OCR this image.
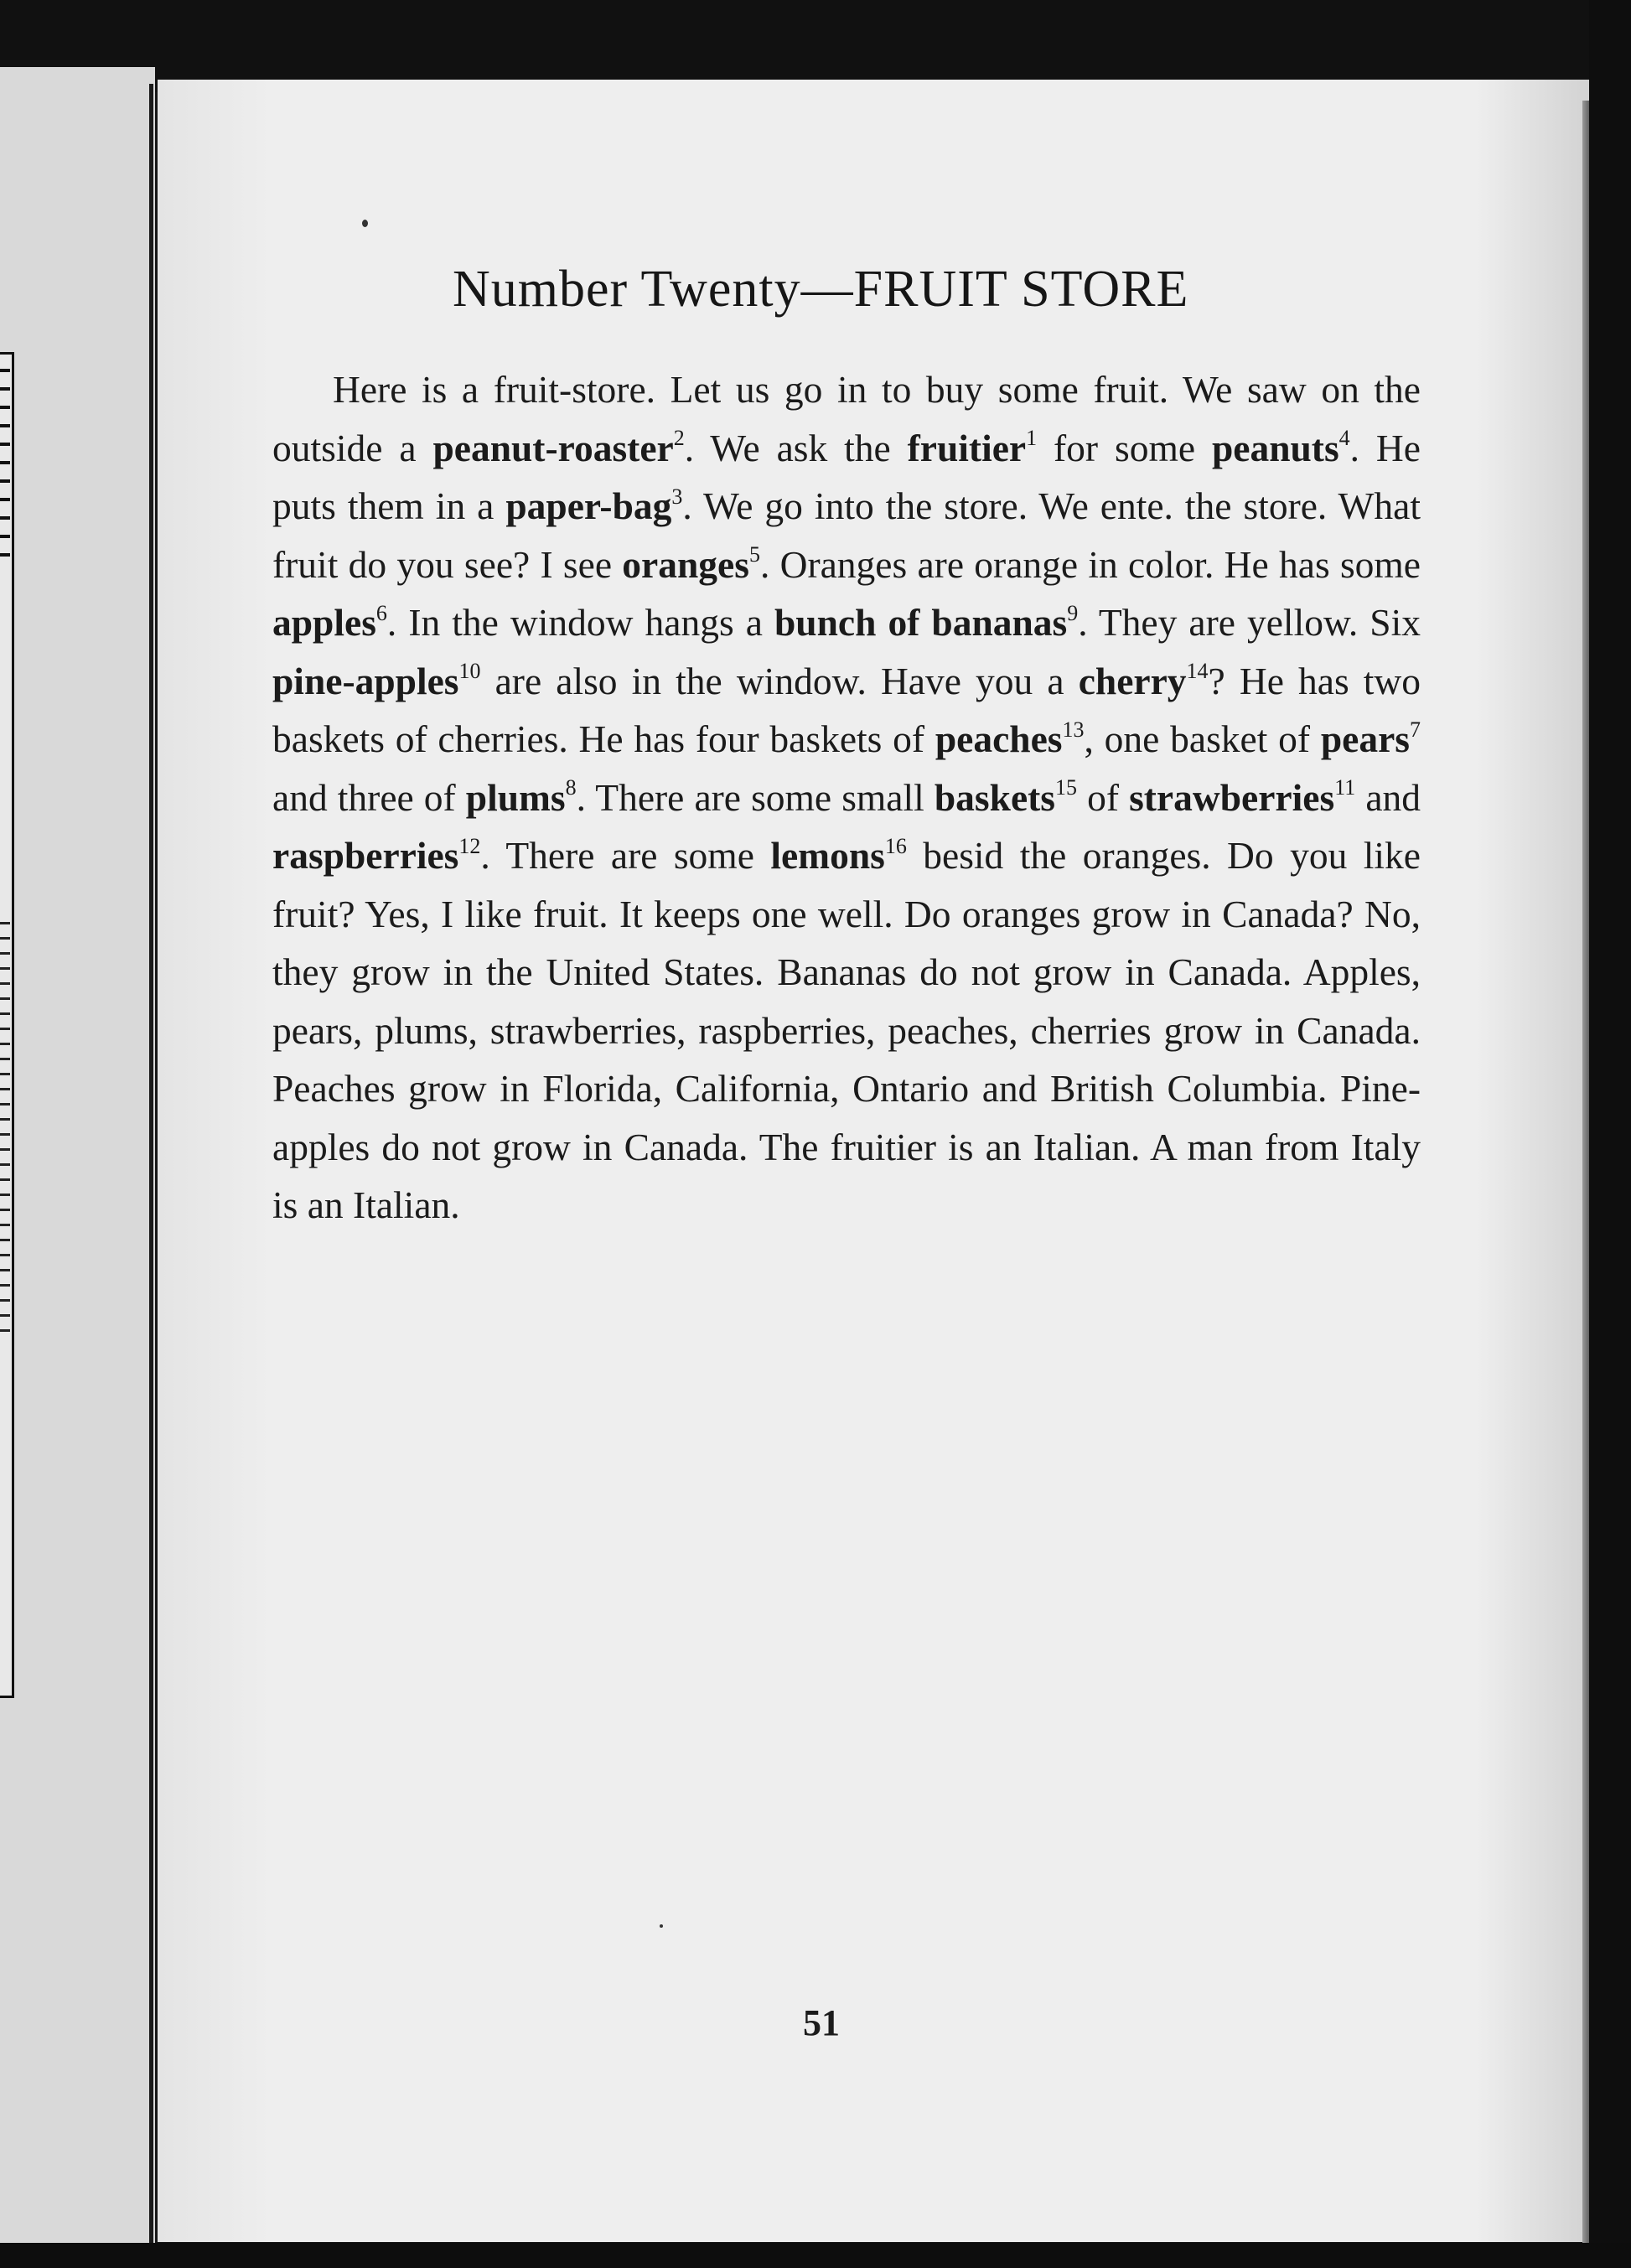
Number Twenty—FRUIT STORE

Here is a fruit-store. Let us go in to buy some fruit. We saw on the outside a peanut-roaster$^2$. We ask the fruitier$^1$ for some peanuts$^4$. He puts them in a paper-bag$^3$. We go into the store. We ente. the store. What fruit do you see? I see oranges$^5$. Oranges are orange in color. He has some apples$^6$. In the window hangs a bunch of bananas$^9$. They are yellow. Six pine-apples$^{10}$ are also in the window. Have you a cherry$^{14}$? He has two baskets of cherries. He has four baskets of peaches$^{13}$, one basket of pears$^7$ and three of plums$^8$. There are some small baskets$^{15}$ of strawberries$^{11}$ and raspberries$^{12}$. There are some lemons$^{16}$ besid the oranges. Do you like fruit? Yes, I like fruit. It keeps one well. Do oranges grow in Canada? No, they grow in the United States. Bananas do not grow in Canada. Apples, pears, plums, strawberries, raspberries, peaches, cherries grow in Canada. Peaches grow in Florida, California, Ontario and British Columbia. Pine-apples do not grow in Canada. The fruitier is an Italian. A man from Italy is an Italian.

51
